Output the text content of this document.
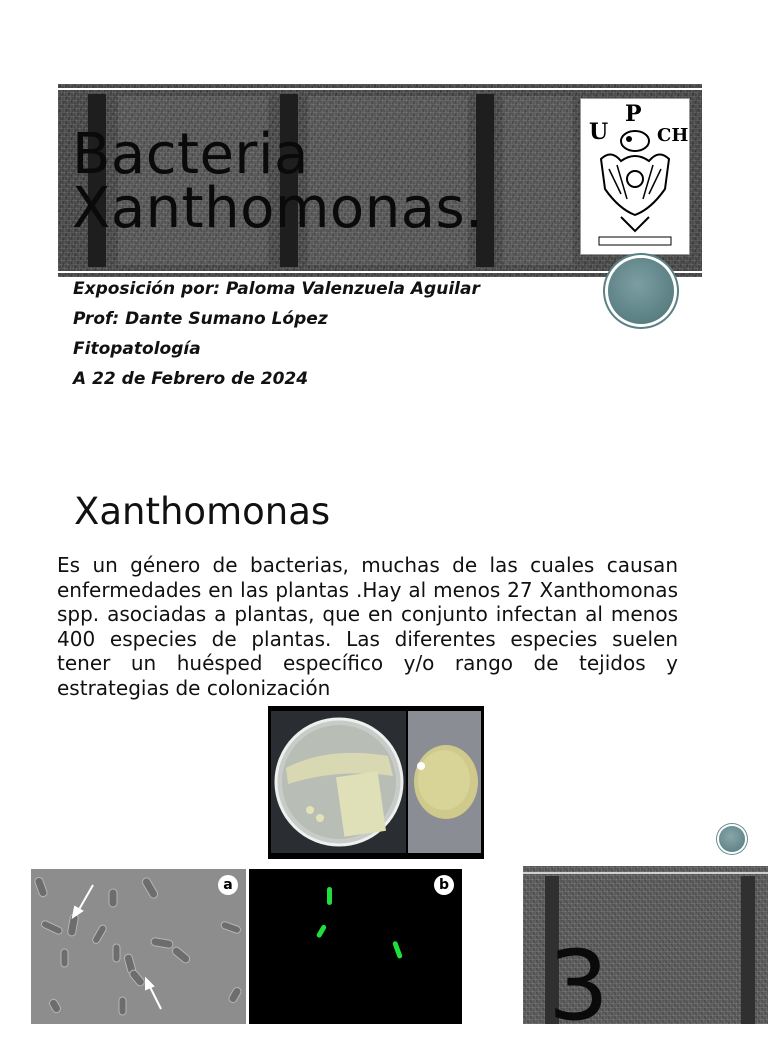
Bacteria
Xanthomonas.
U
P
CH
Exposición por: Paloma Valenzuela Aguilar
Prof: Dante Sumano López
Fitopatología
A 22 de Febrero de 2024
Xanthomonas
Es un género de bacterias, muchas de las cuales causan enfermedades en las plantas .Hay al menos 27 Xanthomonas spp. asociadas a plantas, que en conjunto infectan al menos 400 especies de plantas. Las diferentes especies suelen tener un huésped específico y/o rango de tejidos y estrategias de colonización
a	b
3
